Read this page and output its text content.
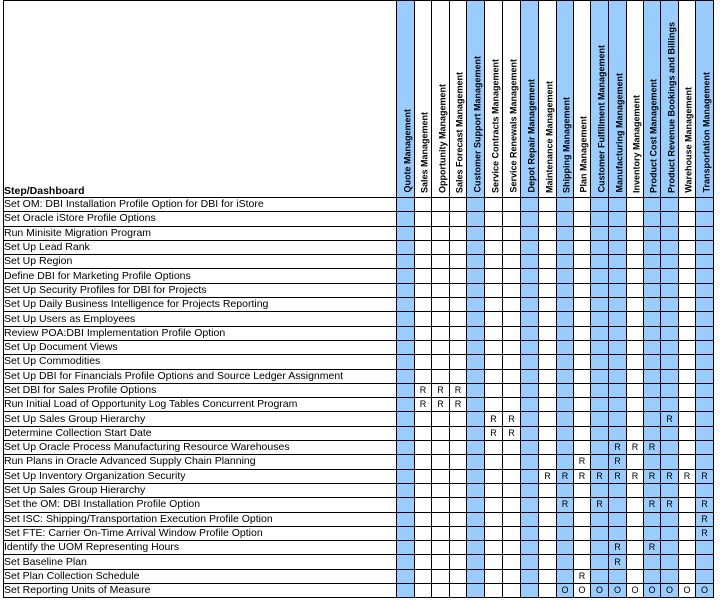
Step/Dashboard	Quote Management	Sales Management	Opportunity Management	Sales Forecast Management	Customer Support Management	Service Contracts Management	Service Renewals Management	Depot Repair Management	Maintenance Management	Shipping Management	Plan Management	Customer Fulfillment Management	Manufacturing Management	Inventory Management	Product Cost Management	Product Revenue Bookings and Billings	Warehouse Management	Transportation Management

Set OM: DBI Installation Profile Option for DBI for iStore																		
Set Oracle iStore Profile Options																		
Run Minisite Migration Program																		
Set Up Lead Rank																		
Set Up Region																		
Define DBI for Marketing Profile Options																		
Set Up Security Profiles for DBI for Projects																		
Set Up Daily Business Intelligence for Projects Reporting																		
Set Up Users as Employees																		
Review POA:DBI Implementation Profile Option																		
Set Up Document Views																		
Set Up Commodities																		
Set Up DBI for Financials Profile Options and Source Ledger Assignment																		
Set DBI for Sales Profile Options		R	R	R														
Run Initial Load of Opportunity Log Tables Concurrent Program		R	R	R														
Set Up Sales Group Hierarchy						R	R									R		
Determine Collection Start Date						R	R											
Set Up Oracle Process Manufacturing Resource Warehouses													R	R	R			
Run Plans in Oracle Advanced Supply Chain Planning											R		R					
Set Up Inventory Organization Security									R	R	R	R	R	R	R	R	R	R
Set Up Sales Group Hierarchy																		
Set the OM: DBI Installation Profile Option										R		R			R	R		R
Set ISC: Shipping/Transportation Execution Profile Option																		R
Set FTE: Carrier On-Time Arrival Window Profile Option																		R
Identify the UOM Representing Hours													R		R			
Set Baseline Plan													R					
Set Plan Collection Schedule											R							
Set Reporting Units of Measure										O	O	O	O	O	O	O	O	O
